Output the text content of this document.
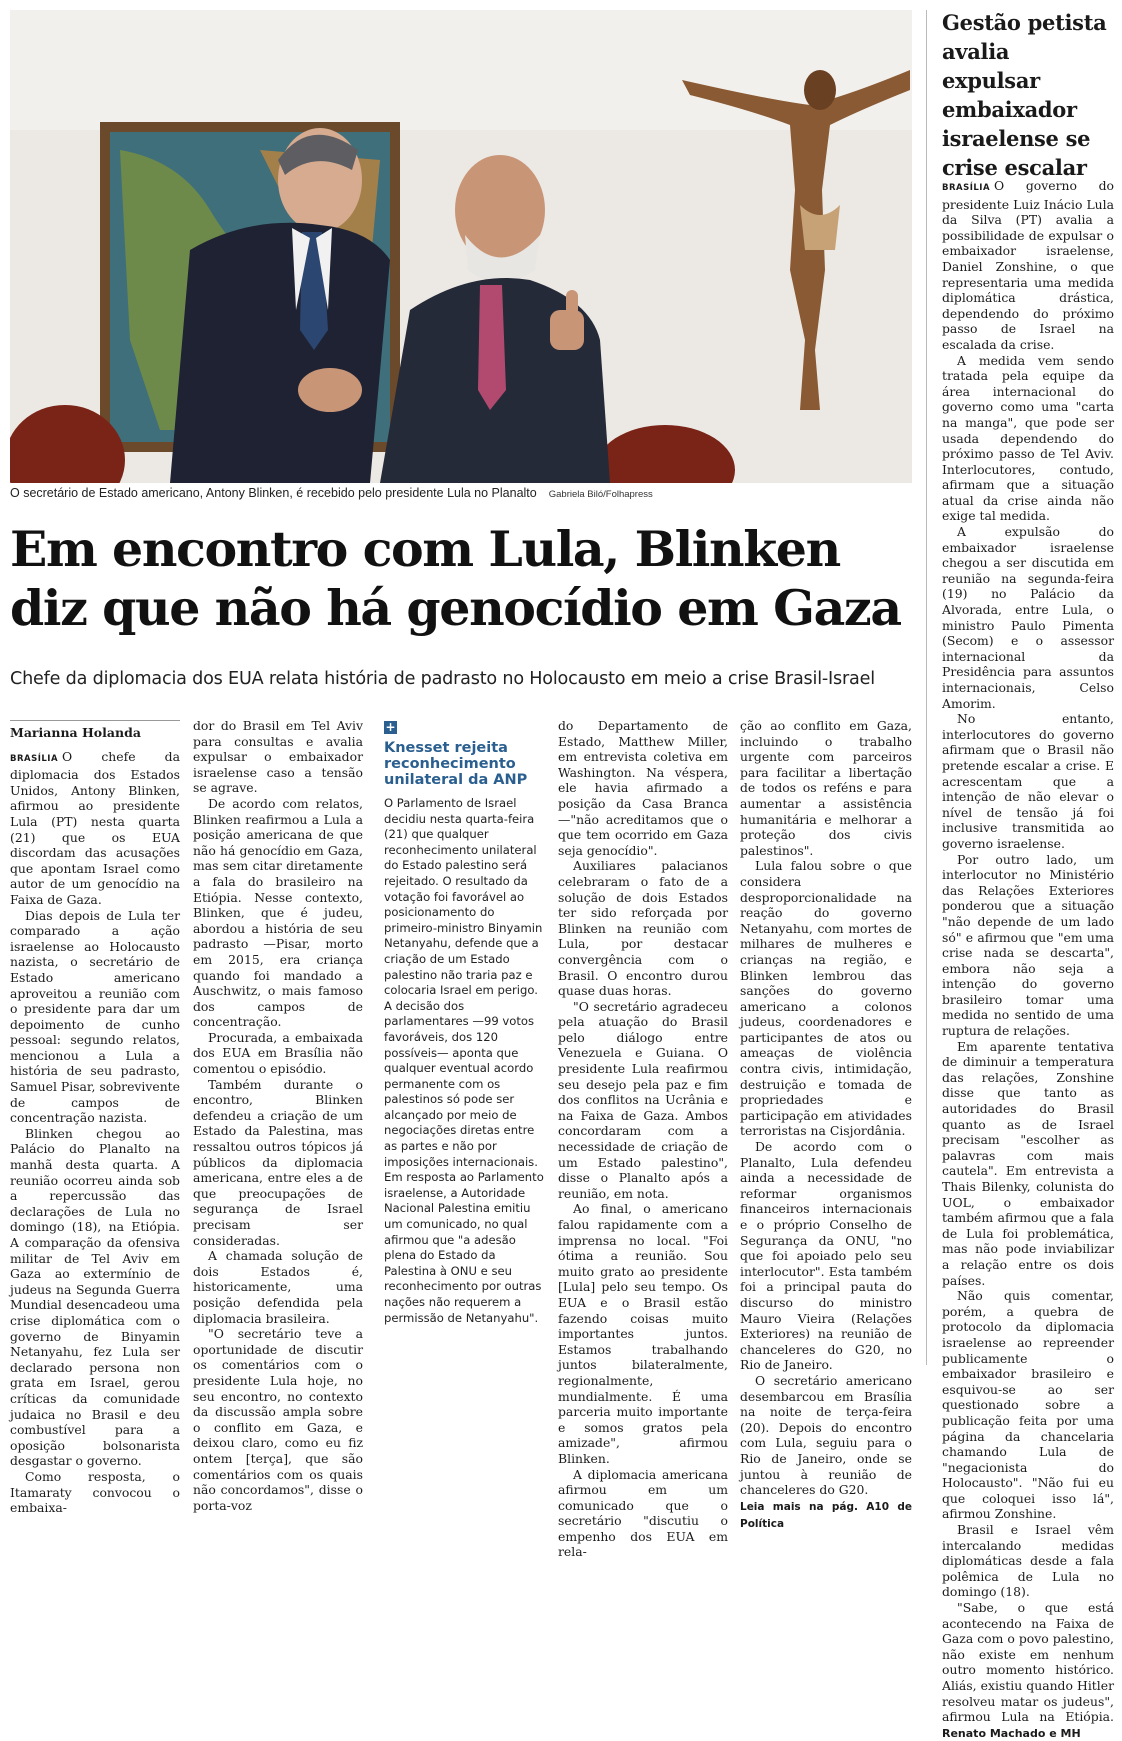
O secretário de Estado americano, Antony Blinken, é recebido pelo presidente Lula no Planalto Gabriela Biló/Folhapress
Em encontro com Lula, Blinken diz que não há genocídio em Gaza
Chefe da diplomacia dos EUA relata história de padrasto no Holocausto em meio a crise Brasil-Israel
Marianna Holanda

BRASÍLIA O chefe da diplomacia dos Estados Unidos, Antony Blinken, afirmou ao presidente Lula (PT) nesta quarta (21) que os EUA discordam das acusações que apontam Israel como autor de um genocídio na Faixa de Gaza.

Dias depois de Lula ter comparado a ação israelense ao Holocausto nazista, o secretário de Estado americano aproveitou a reunião com o presidente para dar um depoimento de cunho pessoal: segundo relatos, mencionou a Lula a história de seu padrasto, Samuel Pisar, sobrevivente de campos de concentração nazista.

Blinken chegou ao Palácio do Planalto na manhã desta quarta. A reunião ocorreu ainda sob a repercussão das declarações de Lula no domingo (18), na Etiópia. A comparação da ofensiva militar de Tel Aviv em Gaza ao extermínio de judeus na Segunda Guerra Mundial desencadeou uma crise diplomática com o governo de Binyamin Netanyahu, fez Lula ser declarado persona non grata em Israel, gerou críticas da comunidade judaica no Brasil e deu combustível para a oposição bolsonarista desgastar o governo.

Como resposta, o Itamaraty convocou o embaixa-

dor do Brasil em Tel Aviv para consultas e avalia expulsar o embaixador israelense caso a tensão se agrave.

De acordo com relatos, Blinken reafirmou a Lula a posição americana de que não há genocídio em Gaza, mas sem citar diretamente a fala do brasileiro na Etiópia. Nesse contexto, Blinken, que é judeu, abordou a história de seu padrasto —Pisar, morto em 2015, era criança quando foi mandado a Auschwitz, o mais famoso dos campos de concentração.

Procurada, a embaixada dos EUA em Brasília não comentou o episódio.

Também durante o encontro, Blinken defendeu a criação de um Estado da Palestina, mas ressaltou outros tópicos já públicos da diplomacia americana, entre eles a de que preocupações de segurança de Israel precisam ser consideradas.

A chamada solução de dois Estados é, historicamente, uma posição defendida pela diplomacia brasileira.

"O secretário teve a oportunidade de discutir os comentários com o presidente Lula hoje, no seu encontro, no contexto da discussão ampla sobre o conflito em Gaza, e deixou claro, como eu fiz ontem [terça], que são comentários com os quais não concordamos", disse o porta-voz

+
Knesset rejeita reconhecimento unilateral da ANP
O Parlamento de Israel decidiu nesta quarta-feira (21) que qualquer reconhecimento unilateral do Estado palestino será rejeitado. O resultado da votação foi favorável ao posicionamento do primeiro-ministro Binyamin Netanyahu, defende que a criação de um Estado palestino não traria paz e colocaria Israel em perigo. A decisão dos parlamentares —99 votos favoráveis, dos 120 possíveis— aponta que qualquer eventual acordo permanente com os palestinos só pode ser alcançado por meio de negociações diretas entre as partes e não por imposições internacionais. Em resposta ao Parlamento israelense, a Autoridade Nacional Palestina emitiu um comunicado, no qual afirmou que "a adesão plena do Estado da Palestina à ONU e seu reconhecimento por outras nações não requerem a permissão de Netanyahu".

do Departamento de Estado, Matthew Miller, em entrevista coletiva em Washington. Na véspera, ele havia afirmado a posição da Casa Branca —"não acreditamos que o que tem ocorrido em Gaza seja genocídio".

Auxiliares palacianos celebraram o fato de a solução de dois Estados ter sido reforçada por Blinken na reunião com Lula, por destacar convergência com o Brasil. O encontro durou quase duas horas.

"O secretário agradeceu pela atuação do Brasil pelo diálogo entre Venezuela e Guiana. O presidente Lula reafirmou seu desejo pela paz e fim dos conflitos na Ucrânia e na Faixa de Gaza. Ambos concordaram com a necessidade de criação de um Estado palestino", disse o Planalto após a reunião, em nota.

Ao final, o americano falou rapidamente com a imprensa no local. "Foi ótima a reunião. Sou muito grato ao presidente [Lula] pelo seu tempo. Os EUA e o Brasil estão fazendo coisas muito importantes juntos. Estamos trabalhando juntos bilateralmente, regionalmente, mundialmente. É uma parceria muito importante e somos gratos pela amizade", afirmou Blinken.

A diplomacia americana afirmou em um comunicado que o secretário "discutiu o empenho dos EUA em rela-

ção ao conflito em Gaza, incluindo o trabalho urgente com parceiros para facilitar a libertação de todos os reféns e para aumentar a assistência humanitária e melhorar a proteção dos civis palestinos".

Lula falou sobre o que considera desproporcionalidade na reação do governo Netanyahu, com mortes de milhares de mulheres e crianças na região, e Blinken lembrou das sanções do governo americano a colonos judeus, coordenadores e participantes de atos ou ameaças de violência contra civis, intimidação, destruição e tomada de propriedades e participação em atividades terroristas na Cisjordânia.

De acordo com o Planalto, Lula defendeu ainda a necessidade de reformar organismos financeiros internacionais e o próprio Conselho de Segurança da ONU, "no que foi apoiado pelo seu interlocutor". Esta também foi a principal pauta do discurso do ministro Mauro Vieira (Relações Exteriores) na reunião de chanceleres do G20, no Rio de Janeiro.

O secretário americano desembarcou em Brasília na noite de terça-feira (20). Depois do encontro com Lula, seguiu para o Rio de Janeiro, onde se juntou à reunião de chanceleres do G20.

Leia mais na pág. A10 de Política

Gestão petista avalia expulsar embaixador israelense se crise escalar

BRASÍLIA O governo do presidente Luiz Inácio Lula da Silva (PT) avalia a possibilidade de expulsar o embaixador israelense, Daniel Zonshine, o que representaria uma medida diplomática drástica, dependendo do próximo passo de Israel na escalada da crise.

A medida vem sendo tratada pela equipe da área internacional do governo como uma "carta na manga", que pode ser usada dependendo do próximo passo de Tel Aviv. Interlocutores, contudo, afirmam que a situação atual da crise ainda não exige tal medida.

A expulsão do embaixador israelense chegou a ser discutida em reunião na segunda-feira (19) no Palácio da Alvorada, entre Lula, o ministro Paulo Pimenta (Secom) e o assessor internacional da Presidência para assuntos internacionais, Celso Amorim.

No entanto, interlocutores do governo afirmam que o Brasil não pretende escalar a crise. E acrescentam que a intenção de não elevar o nível de tensão já foi inclusive transmitida ao governo israelense.

Por outro lado, um interlocutor no Ministério das Relações Exteriores ponderou que a situação "não depende de um lado só" e afirmou que "em uma crise nada se descarta", embora não seja a intenção do governo brasileiro tomar uma medida no sentido de uma ruptura de relações.

Em aparente tentativa de diminuir a temperatura das relações, Zonshine disse que tanto as autoridades do Brasil quanto as de Israel precisam "escolher as palavras com mais cautela". Em entrevista a Thais Bilenky, colunista do UOL, o embaixador também afirmou que a fala de Lula foi problemática, mas não pode inviabilizar a relação entre os dois países.

Não quis comentar, porém, a quebra de protocolo da diplomacia israelense ao repreender publicamente o embaixador brasileiro e esquivou-se ao ser questionado sobre a publicação feita por uma página da chancelaria chamando Lula de "negacionista do Holocausto". "Não fui eu que coloquei isso lá", afirmou Zonshine.

Brasil e Israel vêm intercalando medidas diplomáticas desde a fala polêmica de Lula no domingo (18).

"Sabe, o que está acontecendo na Faixa de Gaza com o povo palestino, não existe em nenhum outro momento histórico. Aliás, existiu quando Hitler resolveu matar os judeus", afirmou Lula na Etiópia. Renato Machado e MH
